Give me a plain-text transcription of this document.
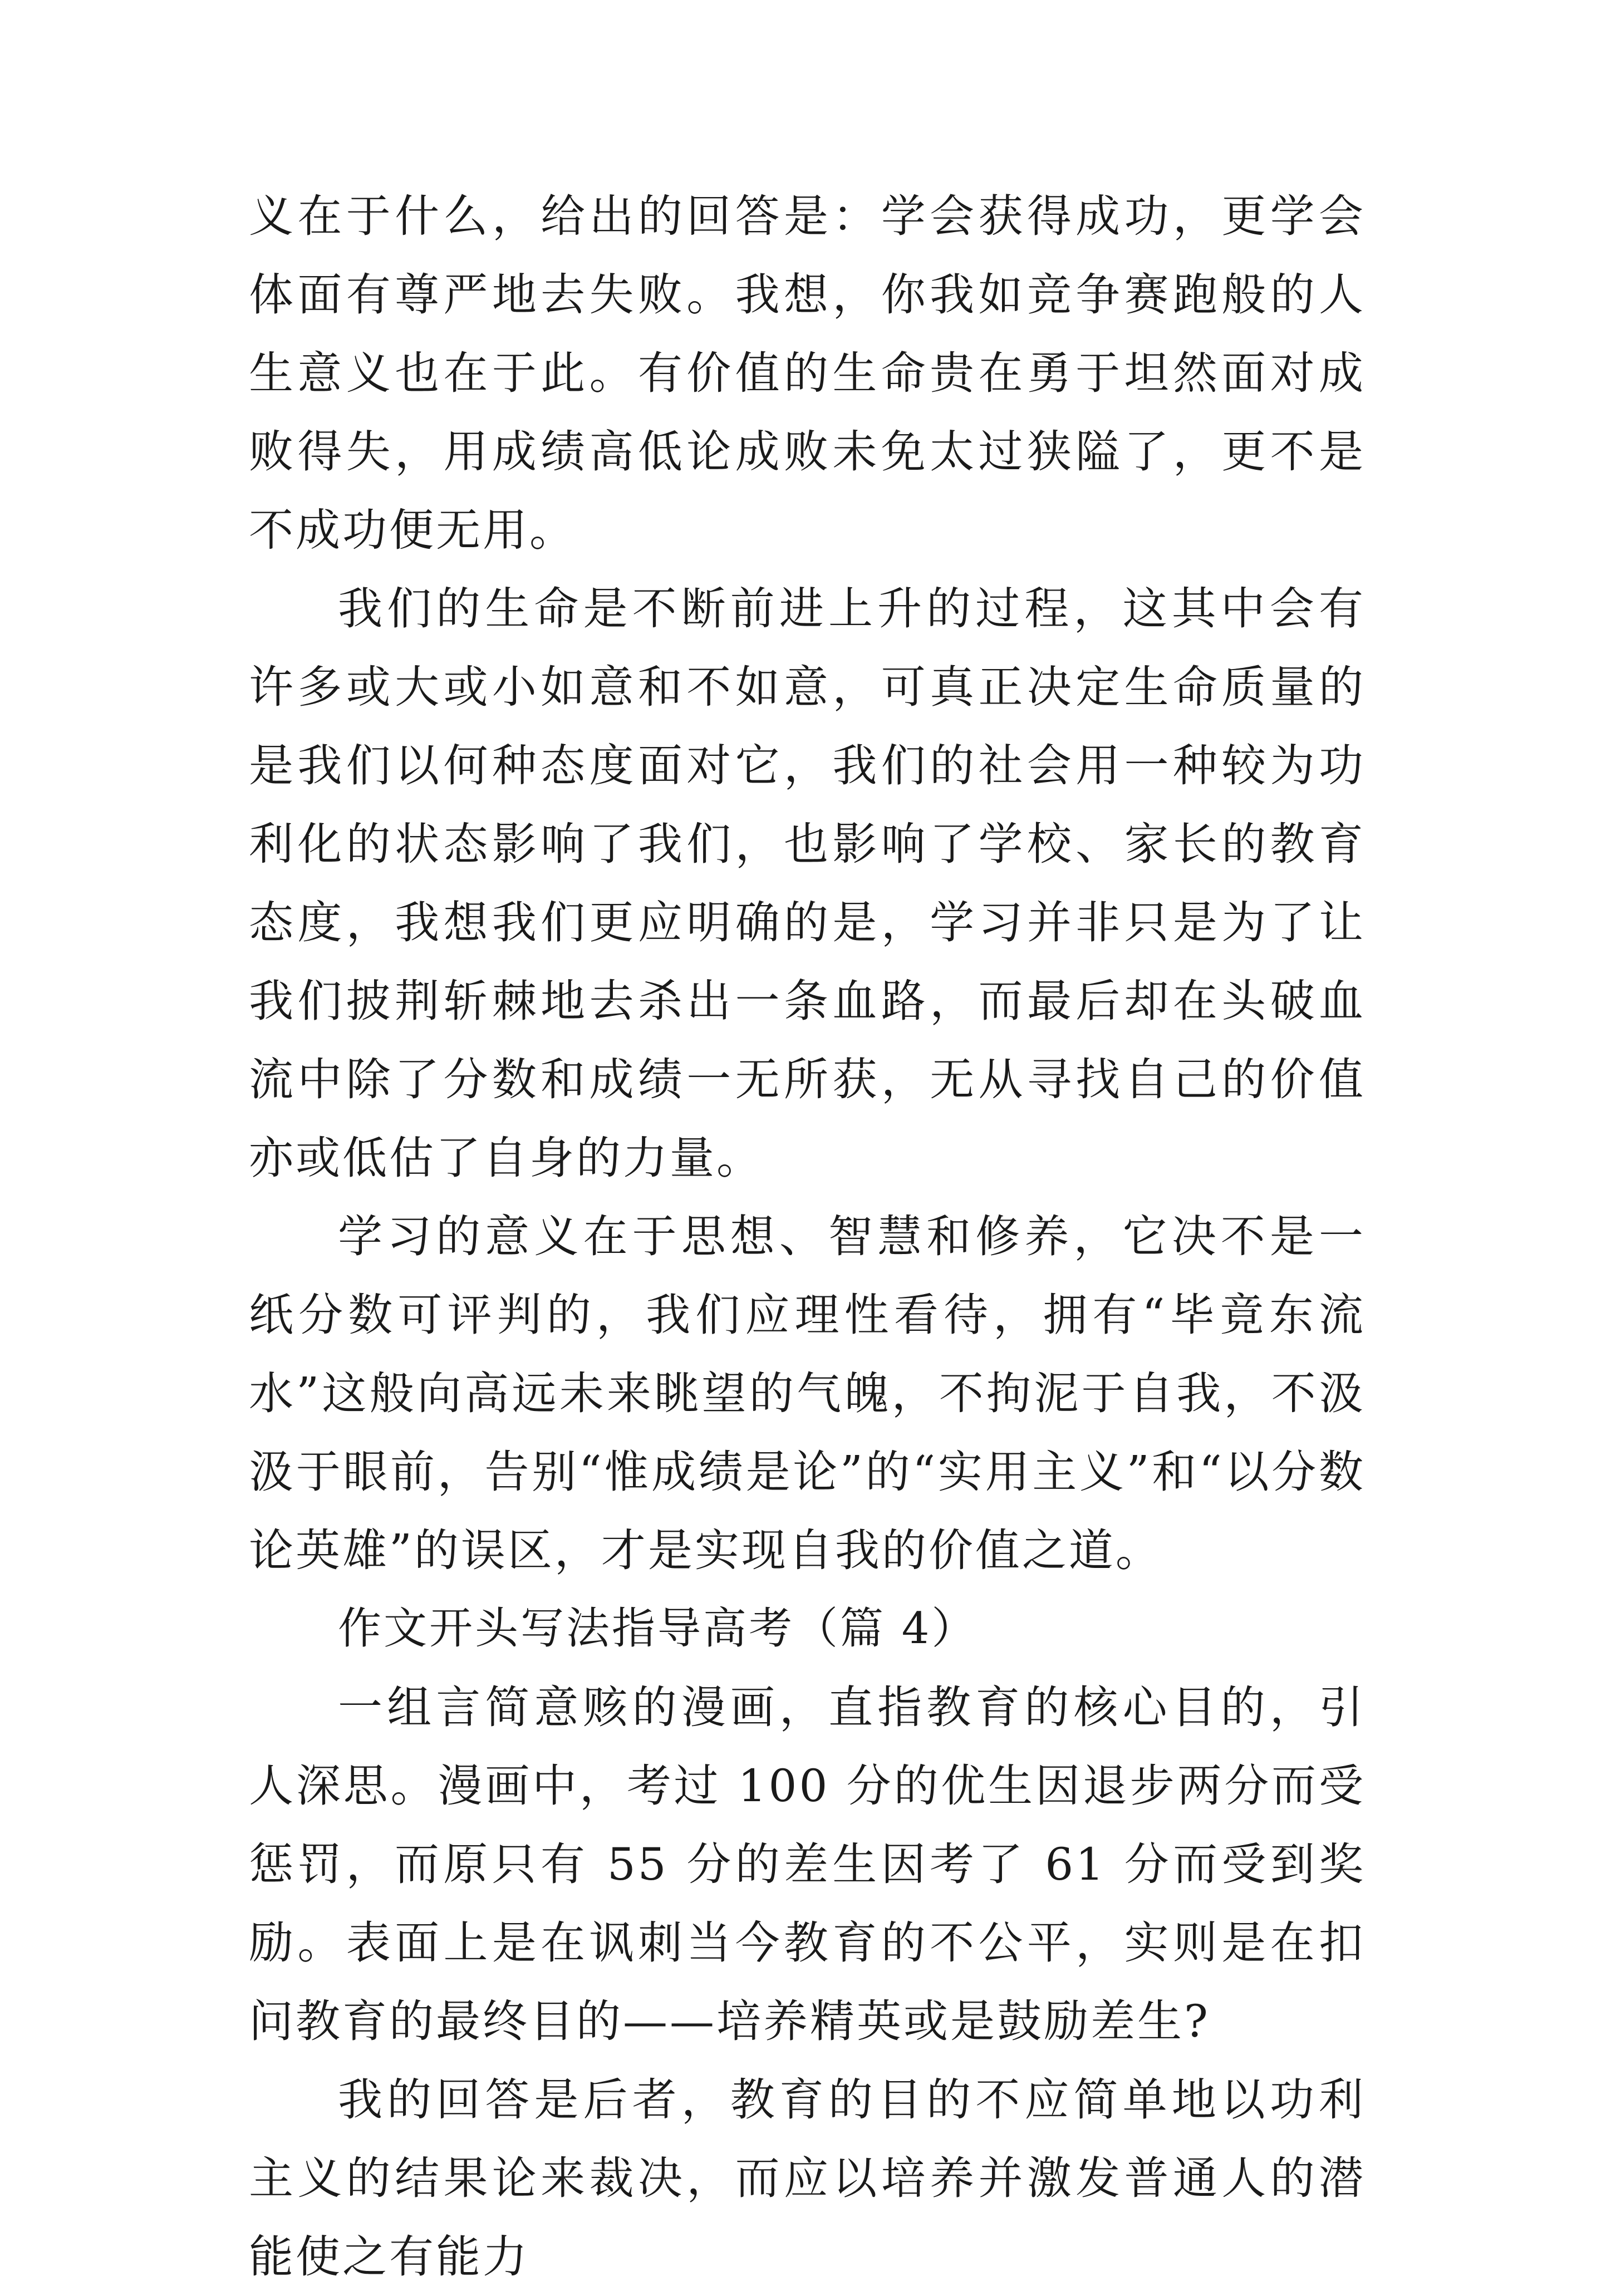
义在于什么，给出的回答是：学会获得成功，更学会体面有尊严地去失败。我想，你我如竞争赛跑般的人生意义也在于此。有价值的生命贵在勇于坦然面对成败得失，用成绩高低论成败未免太过狭隘了，更不是不成功便无用。

我们的生命是不断前进上升的过程，这其中会有许多或大或小如意和不如意，可真正决定生命质量的是我们以何种态度面对它，我们的社会用一种较为功利化的状态影响了我们，也影响了学校、家长的教育态度，我想我们更应明确的是，学习并非只是为了让我们披荆斩棘地去杀出一条血路，而最后却在头破血流中除了分数和成绩一无所获，无从寻找自己的价值亦或低估了自身的力量。

学习的意义在于思想、智慧和修养，它决不是一纸分数可评判的，我们应理性看待，拥有“毕竟东流水”这般向高远未来眺望的气魄，不拘泥于自我，不汲汲于眼前，告别“惟成绩是论”的“实用主义”和“以分数论英雄”的误区，才是实现自我的价值之道。

作文开头写法指导高考（篇 4）

一组言简意赅的漫画，直指教育的核心目的，引人深思。漫画中，考过 100 分的优生因退步两分而受惩罚，而原只有 55 分的差生因考了 61 分而受到奖励。表面上是在讽刺当今教育的不公平，实则是在扣问教育的最终目的——培养精英或是鼓励差生?

我的回答是后者，教育的目的不应简单地以功利主义的结果论来裁决，而应以培养并激发普通人的潜能使之有能力
